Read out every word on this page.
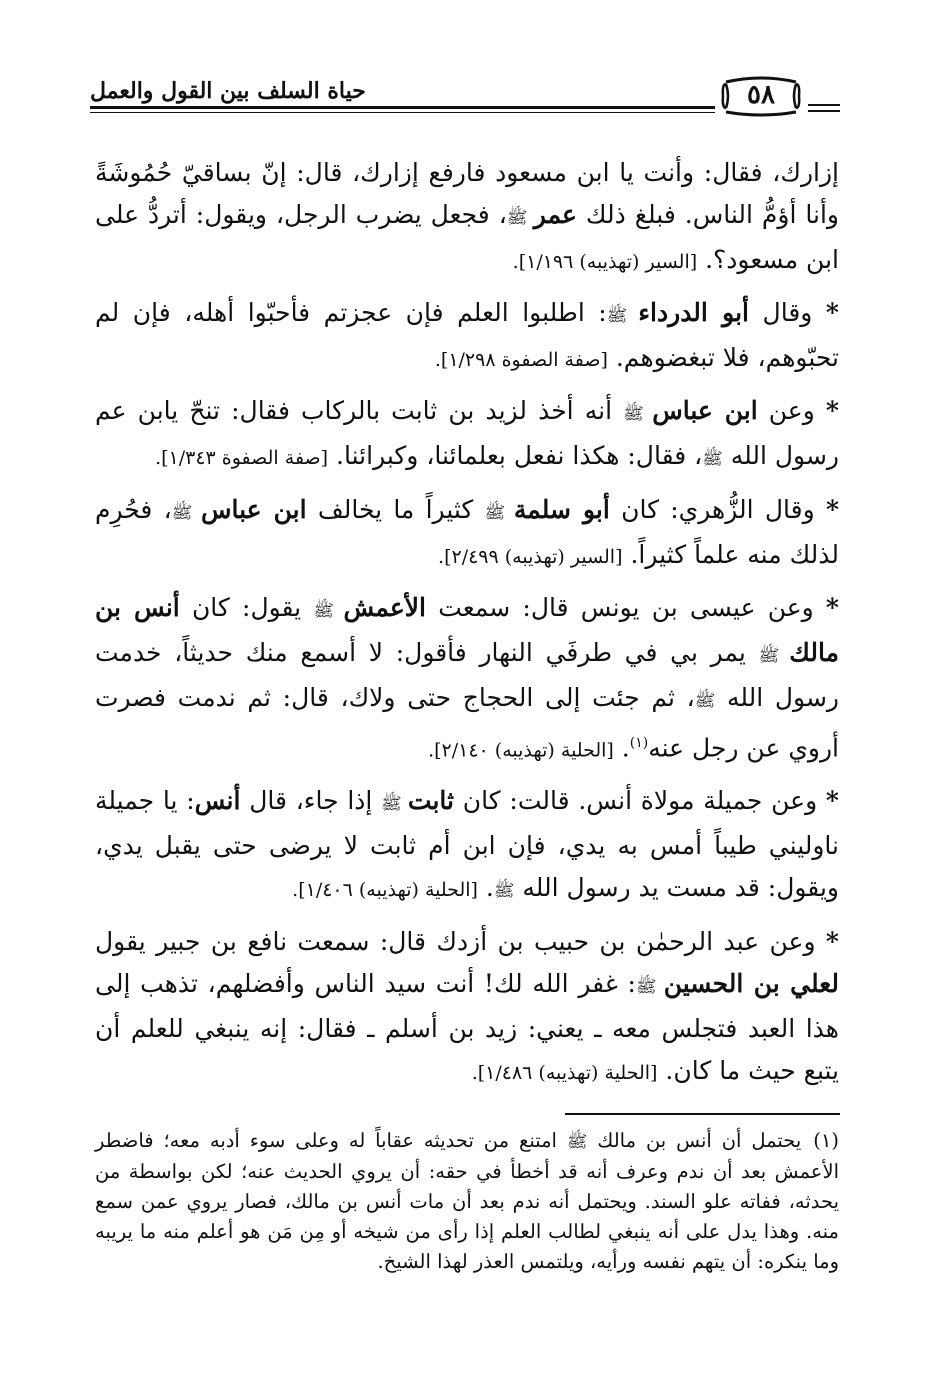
حياة السلف بين القول والعمل	٥٨

إزارك، فقال: وأنت يا ابن مسعود فارفع إزارك، قال: إنّ بساقيّ حُمُوشَةً وأنا أؤمُّ الناس. فبلغ ذلك عمر ﷺ، فجعل يضرب الرجل، ويقول: أتردُّ على ابن مسعود؟. [السير (تهذيبه) ١/١٩٦].

* وقال أبو الدرداء ﷺ: اطلبوا العلم فإن عجزتم فأحبّوا أهله، فإن لم تحبّوهم، فلا تبغضوهم. [صفة الصفوة ١/٢٩٨].

* وعن ابن عباس ﷺ أنه أخذ لزيد بن ثابت بالركاب فقال: تنحّ يابن عم رسول الله ﷺ، فقال: هكذا نفعل بعلمائنا، وكبرائنا. [صفة الصفوة ١/٣٤٣].

* وقال الزُّهري: كان أبو سلمة ﷺ كثيراً ما يخالف ابن عباس ﷺ، فحُرِم لذلك منه علماً كثيراً. [السير (تهذيبه) ٢/٤٩٩].

* وعن عيسى بن يونس قال: سمعت الأعمش ﷺ يقول: كان أنس بن مالك ﷺ يمر بي في طرفَي النهار فأقول: لا أسمع منك حديثاً، خدمت رسول الله ﷺ، ثم جئت إلى الحجاج حتى ولاك، قال: ثم ندمت فصرت أروي عن رجل عنه$^{(١)}$. [الحلية (تهذيبه) ٢/١٤٠].

* وعن جميلة مولاة أنس. قالت: كان ثابت ﷺ إذا جاء، قال أنس: يا جميلة ناوليني طيباً أمس به يدي، فإن ابن أم ثابت لا يرضى حتى يقبل يدي، ويقول: قد مست يد رسول الله ﷺ. [الحلية (تهذيبه) ١/٤٠٦].

* وعن عبد الرحمٰن بن حبيب بن أزدك قال: سمعت نافع بن جبير يقول لعلي بن الحسين ﷺ: غفر الله لك! أنت سيد الناس وأفضلهم، تذهب إلى هذا العبد فتجلس معه ـ يعني: زيد بن أسلم ـ فقال: إنه ينبغي للعلم أن يتبع حيث ما كان. [الحلية (تهذيبه) ١/٤٨٦].

(١)
يحتمل أن أنس بن مالك ﷺ امتنع من تحديثه عقاباً له وعلى سوء أدبه معه؛ فاضطر الأعمش بعد أن ندم وعرف أنه قد أخطأ في حقه: أن يروي الحديث عنه؛ لكن بواسطة من يحدثه، ففاته علو السند. ويحتمل أنه ندم بعد أن مات أنس بن مالك، فصار يروي عمن سمع منه. وهذا يدل على أنه ينبغي لطالب العلم إذا رأى من شيخه أو مِن مَن هو أعلم منه ما يريبه وما ينكره: أن يتهم نفسه ورأيه، ويلتمس العذر لهذا الشيخ.
